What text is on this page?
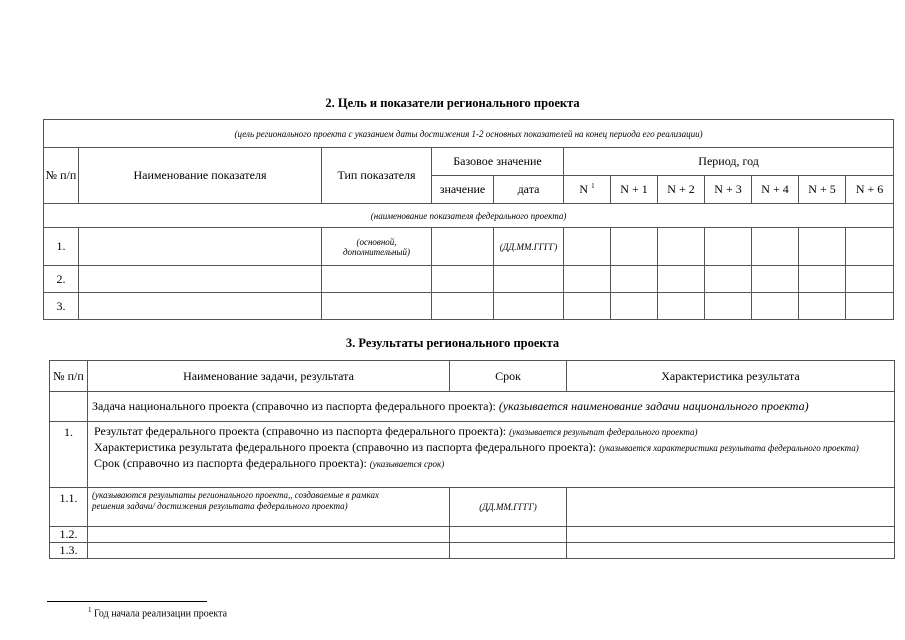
2. Цель и показатели регионального проекта
(цель регионального проекта с указанием даты достижения 1-2 основных показателей на конец периода его реализации)											
№ п/п	Наименование показателя	Тип показателя	Базовое значение		Период, год						
			значение	дата	N $^1$	N + 1	N + 2	N + 3	N + 4	N + 5	N + 6
(наименование показателя федерального проекта)											
1.		(основной, дополнительный)		(ДД.ММ.ГГГГ)							
2.											
3.											
3. Результаты регионального проекта
№ п/п	Наименование задачи, результата	Срок	Характеристика результата
	Задача национального проекта (справочно из паспорта федерального проекта): (указывается наименование задачи национального проекта)		
1.	Результат федерального проекта (справочно из паспорта федерального проекта): (указывается результат федерального проекта)
Характеристика результата федерального проекта (справочно из паспорта федерального проекта): (указывается характеристика результата федерального проекта)
Срок (справочно из паспорта федерального проекта): (указывается срок)		

1.1.	(указываются результаты регионального проекта,, создаваемые в рамках решения задачи/ достижения результата федерального проекта)	(ДД.ММ.ГГГГ)	
1.2.			
1.3.			
$^1$ Год начала реализации проекта
